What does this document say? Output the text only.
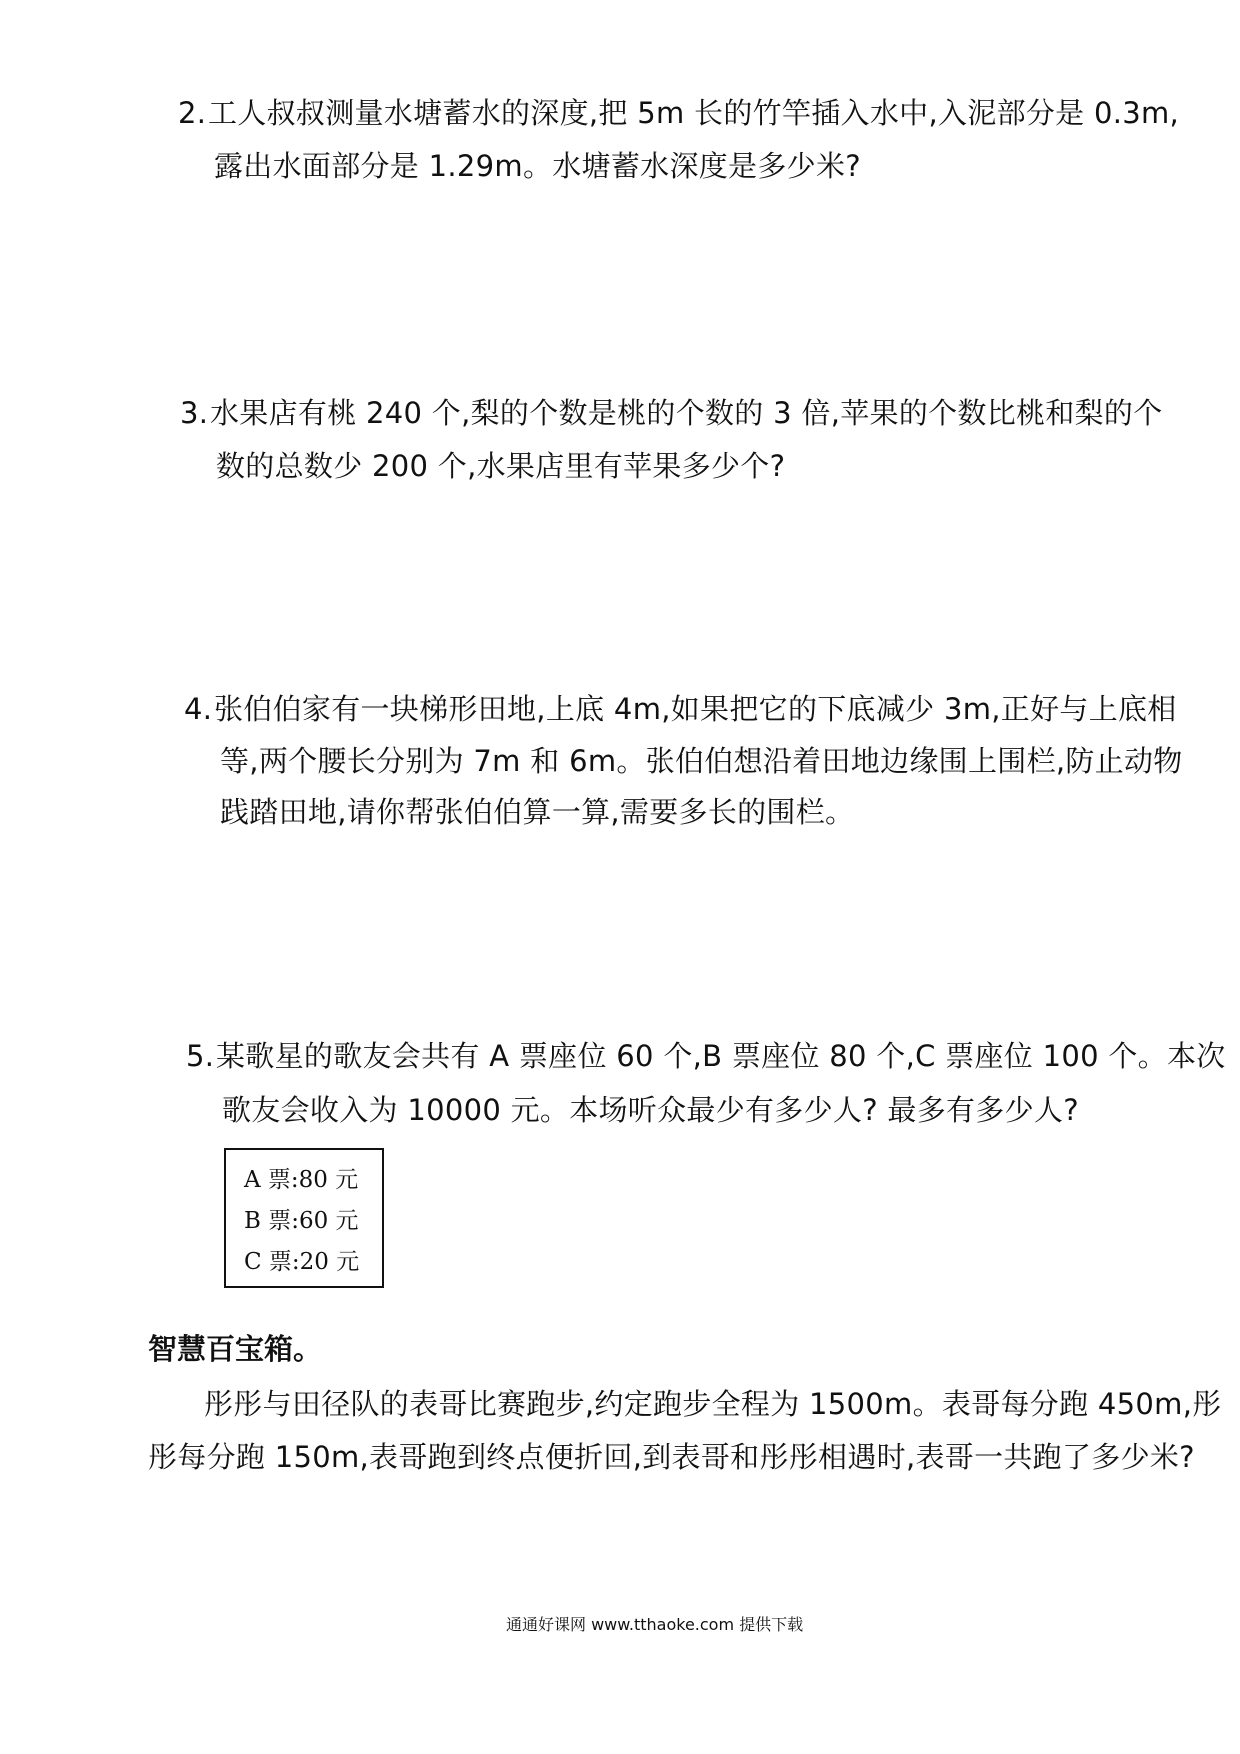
2.工人叔叔测量水塘蓄水的深度,把 5m 长的竹竿插入水中,入泥部分是 0.3m,
露出水面部分是 1.29m。水塘蓄水深度是多少米?
3.水果店有桃 240 个,梨的个数是桃的个数的 3 倍,苹果的个数比桃和梨的个
数的总数少 200 个,水果店里有苹果多少个?
4.张伯伯家有一块梯形田地,上底 4m,如果把它的下底减少 3m,正好与上底相
等,两个腰长分别为 7m 和 6m。张伯伯想沿着田地边缘围上围栏,防止动物
践踏田地,请你帮张伯伯算一算,需要多长的围栏。
5.某歌星的歌友会共有 A 票座位 60 个,B 票座位 80 个,C 票座位 100 个。本次
歌友会收入为 10000 元。本场听众最少有多少人? 最多有多少人?
A 票:80 元
B 票:60 元
C 票:20 元
智慧百宝箱。
彤彤与田径队的表哥比赛跑步,约定跑步全程为 1500m。表哥每分跑 450m,彤
彤每分跑 150m,表哥跑到终点便折回,到表哥和彤彤相遇时,表哥一共跑了多少米?
通通好课网 www.tthaoke.com 提供下载
